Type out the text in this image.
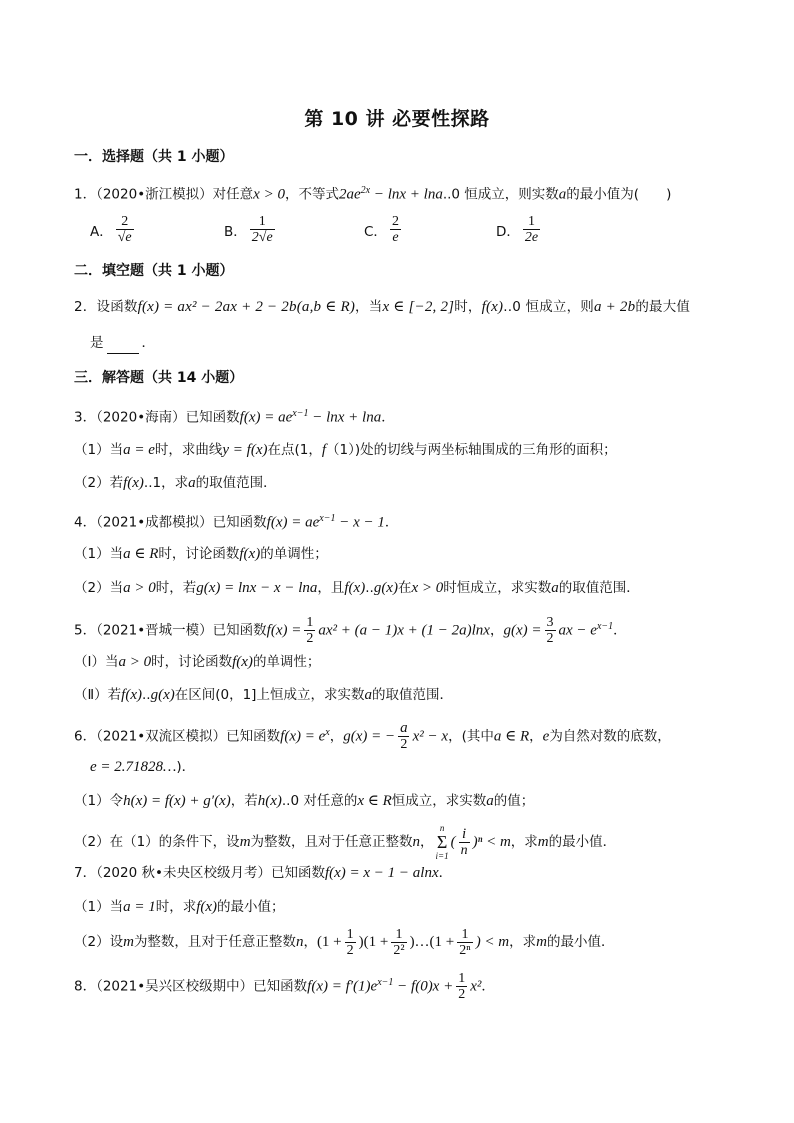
第 10 讲 必要性探路
一．选择题（共 1 小题）
1．（2020•浙江模拟）对任意x > 0，不等式$2ae^{2x} - \ln x + \ln a..0$ 恒成立，则实数a的最小值为(　　)
A． $\frac{2}{√e}$	B． $\frac{1}{2√e}$	C． $\frac{2}{e}$	D． $\frac{1}{2e}$
二．填空题（共 1 小题）
2．设函数f(x) = ax² − 2ax + 2 − 2b(a,b ∈ R)，当x ∈ [−2, 2]时，f(x)..0 恒成立，则a + 2b的最大值
是	．
三．解答题（共 14 小题）
3．（2020•海南）已知函数$f(x) = ae^{x-1} - \ln x + \ln a$．
（1）当a = e时，求曲线y = f(x)在点(1，f（1）)处的切线与两坐标轴围成的三角形的面积；
（2）若f(x)..1，求a的取值范围．
4．（2021•成都模拟）已知函数$f(x) = ae^{x-1} - x - 1$．
（1）当a ∈ R时，讨论函数f(x)的单调性；
（2）当a > 0时，若g(x) = lnx − x − lna，且f(x)..g(x)在x > 0时恒成立，求实数a的取值范围．
5．（2021•晋城一模）已知函数$f(x) = \frac{1}{2} ax^2 + (a - 1)x + (1 - 2a)\ln x$，$g(x) = \frac{3}{2}$ ax − $e^{x-1}$．
（Ⅰ）当a > 0时，讨论函数f(x)的单调性；
（Ⅱ）若f(x)..g(x)在区间(0，1]上恒成立，求实数a的取值范围．
6．（2021•双流区模拟）已知函数$f(x) = e^x$，g(x) = − $\frac{a}{2} x^2 - x$，(其中a ∈ R，e为自然对数的底数，
e = 2.71828…)．
（1）令h(x) = f(x) + g′(x)，若h(x)..0 对任意的x ∈ R恒成立，求实数a的值；
（2）在（1）的条件下，设m为整数，且对于任意正整数n，
n
Σ
i=1
( $\frac{i}{n} )^n < m$，求m的最小值．
7．（2020 秋•未央区校级月考）已知函数f(x) = x − 1 − alnx．
（1）当a = 1时，求f(x)的最小值；
（2）设m为整数，且对于任意正整数n，$(1 + \frac{1}{2} )(1 + \frac{1}{\text{2²}}$ )…(1 + $\frac{1}{\text{2ⁿ}}$ ) < m，求m的最小值．
8．（2021•吴兴区校级期中）已知函数$f(x) = f'(1)e^{x-1} - f(0)x + \frac{1}{2} x^2$．
